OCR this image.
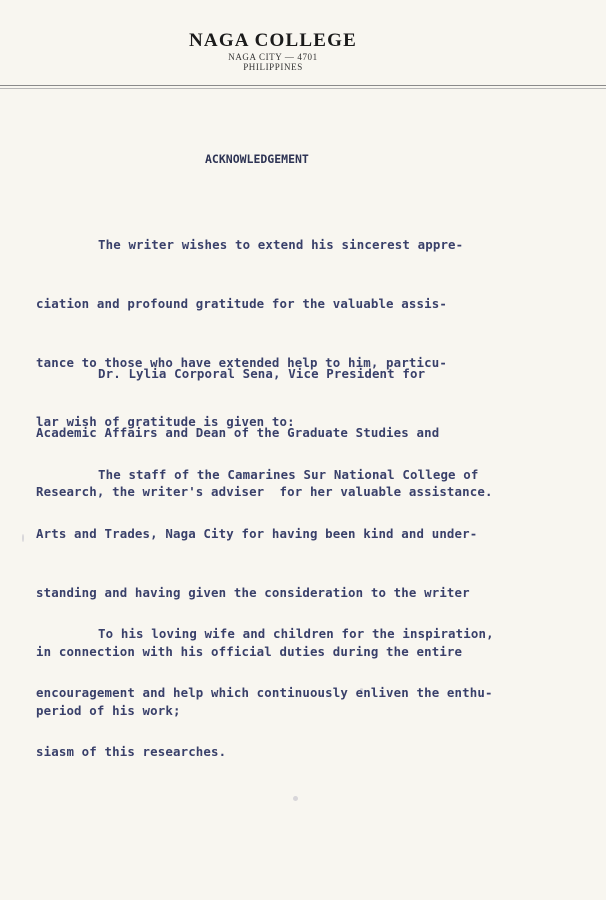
NAGA COLLEGE
NAGA CITY — 4701
PHILIPPINES
ACKNOWLEDGEMENT

The writer wishes to extend his sincerest appre-

ciation and profound gratitude for the valuable assis-

tance to those who have extended help to him, particu-

lar wish of gratitude is given to:

Dr. Lylia Corporal Sena, Vice President for

Academic Affairs and Dean of the Graduate Studies and

Research, the writer's adviser  for her valuable assistance.

The staff of the Camarines Sur National College of

Arts and Trades, Naga City for having been kind and under-

standing and having given the consideration to the writer

in connection with his official duties during the entire

period of his work;

To his loving wife and children for the inspiration,

encouragement and help which continuously enliven the enthu-

siasm of this researches.
